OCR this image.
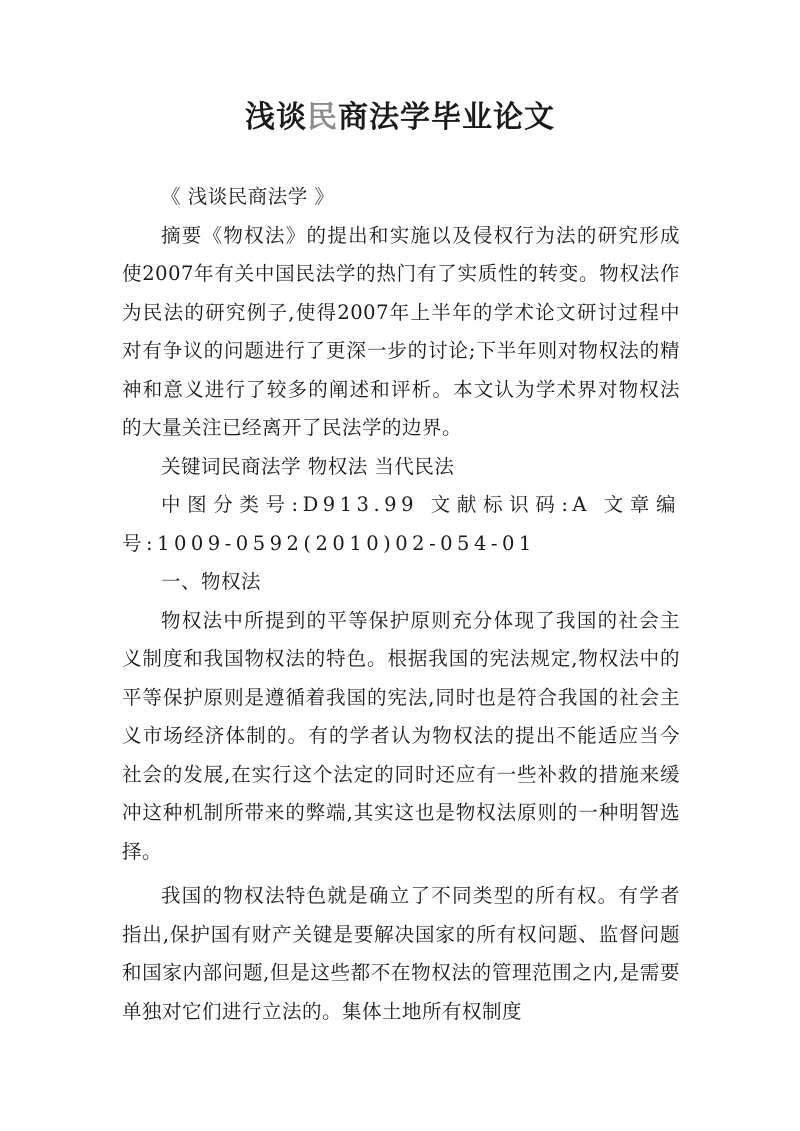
浅谈民商法学毕业论文

《 浅谈民商法学 》

摘要《物权法》的提出和实施以及侵权行为法的研究形成使2007年有关中国民法学的热门有了实质性的转变。物权法作为民法的研究例子,使得2007年上半年的学术论文研讨过程中对有争议的问题进行了更深一步的讨论;下半年则对物权法的精神和意义进行了较多的阐述和评析。本文认为学术界对物权法的大量关注已经离开了民法学的边界。

关键词民商法学 物权法 当代民法

中图分类号:D913.99 文献标识码:A 文章编号:1009-0592(2010)02-054-01

一、物权法

物权法中所提到的平等保护原则充分体现了我国的社会主义制度和我国物权法的特色。根据我国的宪法规定,物权法中的平等保护原则是遵循着我国的宪法,同时也是符合我国的社会主义市场经济体制的。有的学者认为物权法的提出不能适应当今社会的发展,在实行这个法定的同时还应有一些补救的措施来缓冲这种机制所带来的弊端,其实这也是物权法原则的一种明智选择。

我国的物权法特色就是确立了不同类型的所有权。有学者指出,保护国有财产关键是要解决国家的所有权问题、监督问题和国家内部问题,但是这些都不在物权法的管理范围之内,是需要单独对它们进行立法的。集体土地所有权制度
